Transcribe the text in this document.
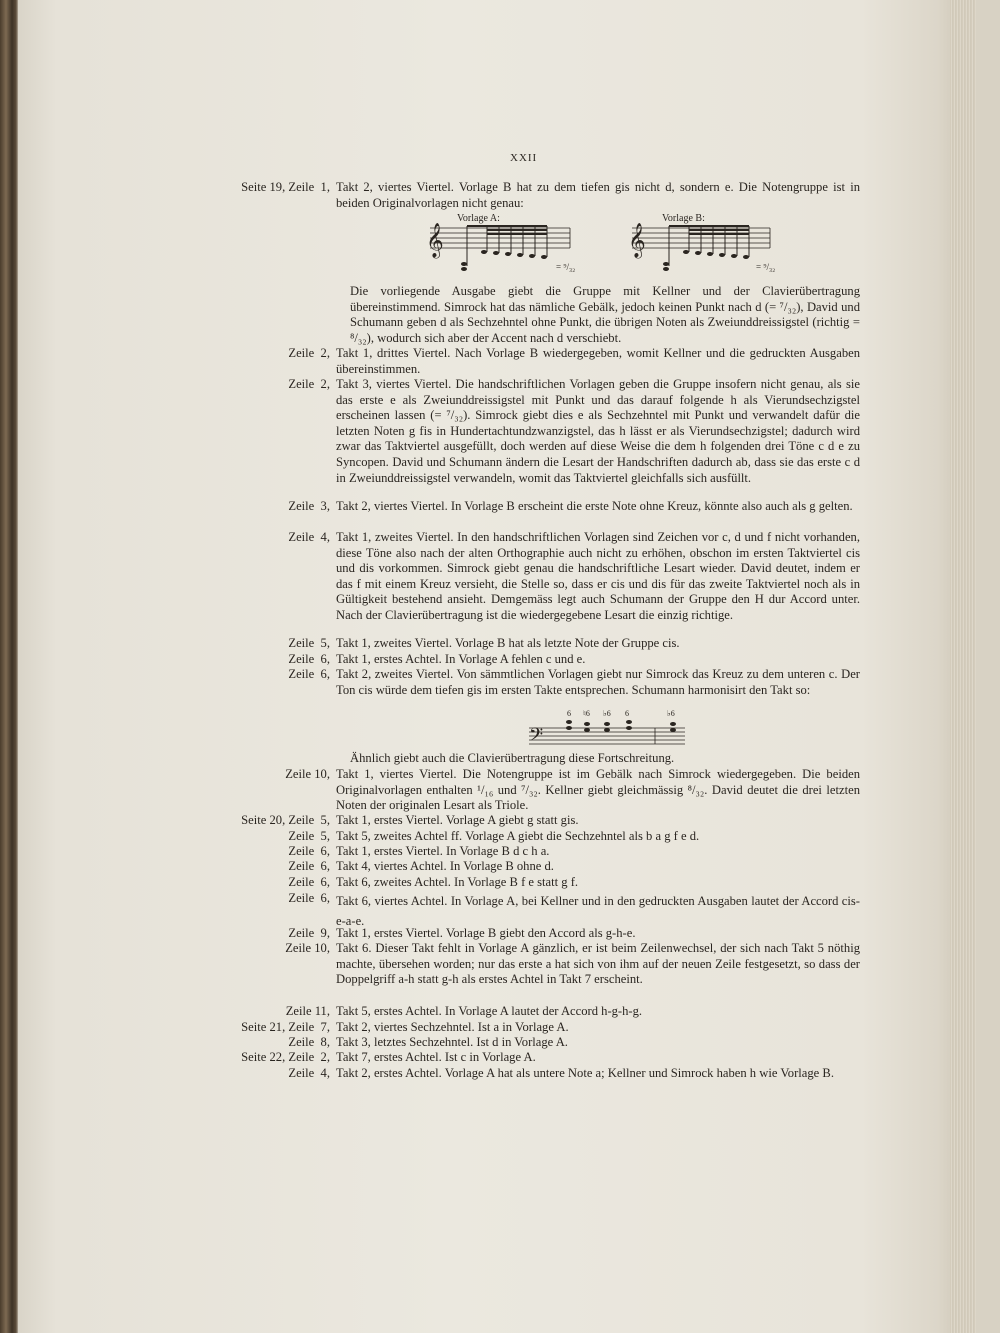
XXII
Seite 19, Zeile  1, Takt 2, viertes Viertel. Vorlage B hat zu dem tiefen gis nicht d, sondern e. Die Notengruppe ist in beiden Originalvorlagen nicht genau:
Vorlage A:	Vorlage B:
𝄞	𝄞
= ⁹/₃₂	= ⁹/₃₂
Die vorliegende Ausgabe giebt die Gruppe mit Kellner und der Clavierübertragung übereinstimmend. Simrock hat das nämliche Gebälk, jedoch keinen Punkt nach d (= ⁷/₃₂), David und Schumann geben d als Sechzehntel ohne Punkt, die übrigen Noten als Zweiunddreissigstel (richtig = ⁸/₃₂), wodurch sich aber der Accent nach d verschiebt.
Zeile  2, Takt 1, drittes Viertel. Nach Vorlage B wiedergegeben, womit Kellner und die gedruckten Ausgaben übereinstimmen.
Zeile  2, Takt 3, viertes Viertel. Die handschriftlichen Vorlagen geben die Gruppe insofern nicht genau, als sie das erste e als Zweiunddreissigstel mit Punkt und das darauf folgende h als Vierundsechzigstel erscheinen lassen (= ⁷/₃₂). Simrock giebt dies e als Sechzehntel mit Punkt und verwandelt dafür die letzten Noten g fis in Hundertachtundzwanzigstel, das h lässt er als Vierundsechzigstel; dadurch wird zwar das Taktviertel ausgefüllt, doch werden auf diese Weise die dem h folgenden drei Töne c d e zu Syncopen. David und Schumann ändern die Lesart der Handschriften dadurch ab, dass sie das erste c d in Zweiunddreissigstel verwandeln, womit das Taktviertel gleichfalls sich ausfüllt.
Zeile  3, Takt 2, viertes Viertel. In Vorlage B erscheint die erste Note ohne Kreuz, könnte also auch als g gelten.
Zeile  4, Takt 1, zweites Viertel. In den handschriftlichen Vorlagen sind Zeichen vor c, d und f nicht vorhanden, diese Töne also nach der alten Orthographie auch nicht zu erhöhen, obschon im ersten Taktviertel cis und dis vorkommen. Simrock giebt genau die handschriftliche Lesart wieder. David deutet, indem er das f mit einem Kreuz versieht, die Stelle so, dass er cis und dis für das zweite Taktviertel noch als in Gültigkeit bestehend ansieht. Demgemäss legt auch Schumann der Gruppe den H dur Accord unter. Nach der Clavierübertragung ist die wiedergegebene Lesart die einzig richtige.
Zeile  5, Takt 1, zweites Viertel. Vorlage B hat als letzte Note der Gruppe cis.
Zeile  6, Takt 1, erstes Achtel. In Vorlage A fehlen c und e.
Zeile  6, Takt 2, zweites Viertel. Von sämmtlichen Vorlagen giebt nur Simrock das Kreuz zu dem unteren c. Der Ton cis würde dem tiefen gis im ersten Takte entsprechen. Schumann harmonisirt den Takt so:
𝄢
6 ♮6 ♭6 6	♭6
Ähnlich giebt auch die Clavierübertragung diese Fortschreitung.
Zeile 10, Takt 1, viertes Viertel. Die Notengruppe ist im Gebälk nach Simrock wiedergegeben. Die beiden Originalvorlagen enthalten ¹/₁₆ und ⁷/₃₂. Kellner giebt gleichmässig ⁸/₃₂. David deutet die drei letzten Noten der originalen Lesart als Triole.
Seite 20, Zeile  5, Takt 1, erstes Viertel. Vorlage A giebt g statt gis.
Zeile  5, Takt 5, zweites Achtel ff. Vorlage A giebt die Sechzehntel als b a g f e d.
Zeile  6, Takt 1, erstes Viertel. In Vorlage B d c h a.
Zeile  6, Takt 4, viertes Achtel. In Vorlage B ohne d.
Zeile  6, Takt 6, zweites Achtel. In Vorlage B f e statt g f.
Zeile  6, Takt 6, viertes Achtel. In Vorlage A, bei Kellner und in den gedruckten Ausgaben lautet der Accord cis-e-a-e.
Zeile  9, Takt 1, erstes Viertel. Vorlage B giebt den Accord als g-h-e.
Zeile 10, Takt 6. Dieser Takt fehlt in Vorlage A gänzlich, er ist beim Zeilenwechsel, der sich nach Takt 5 nöthig machte, übersehen worden; nur das erste a hat sich von ihm auf der neuen Zeile festgesetzt, so dass der Doppelgriff a-h statt g-h als erstes Achtel in Takt 7 erscheint.
Zeile 11, Takt 5, erstes Achtel. In Vorlage A lautet der Accord h-g-h-g.
Seite 21, Zeile  7, Takt 2, viertes Sechzehntel. Ist a in Vorlage A.
Zeile  8, Takt 3, letztes Sechzehntel. Ist d in Vorlage A.
Seite 22, Zeile  2, Takt 7, erstes Achtel. Ist c in Vorlage A.
Zeile  4, Takt 2, erstes Achtel. Vorlage A hat als untere Note a; Kellner und Simrock haben h wie Vorlage B.
